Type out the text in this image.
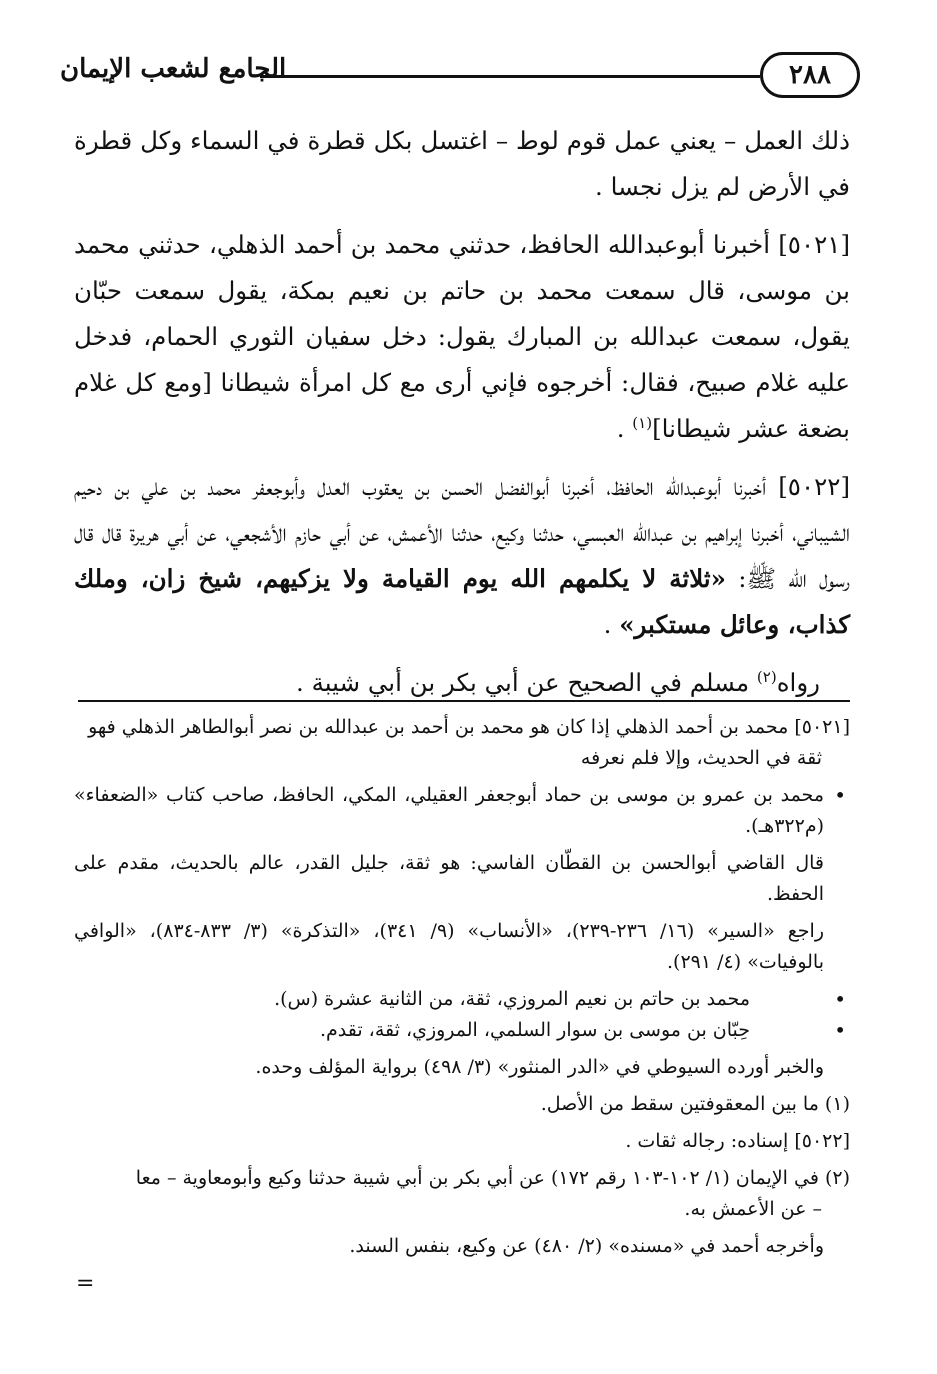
٢٨٨
الجامع لشعب الإيمان

ذلك العمل – يعني عمل قوم لوط – اغتسل بكل قطرة في السماء وكل قطرة في الأرض لم يزل نجسا .

[٥٠٢١] أخبرنا أبوعبدالله الحافظ، حدثني محمد بن أحمد الذهلي، حدثني محمد بن موسى، قال سمعت محمد بن حاتم بن نعيم بمكة، يقول سمعت حبّان يقول، سمعت عبدالله بن المبارك يقول: دخل سفيان الثوري الحمام، فدخل عليه غلام صبيح، فقال: أخرجوه فإني أرى مع كل امرأة شيطانا [ومع كل غلام بضعة عشر شيطانا]$^{(١)}$ .

[٥٠٢٢] أخبرنا أبوعبدالله الحافظ، أخبرنا أبوالفضل الحسن بن يعقوب العدل وأبوجعفر محمد بن علي بن دحيم الشيباني، أخبرنا إبراهيم بن عبدالله العبسي، حدثنا وكيع، حدثنا الأعمش، عن أبي حازم الأشجعي، عن أبي هريرة قال قال رسول الله ﷺ: «ثلاثة لا يكلمهم الله يوم القيامة ولا يزكيهم، شيخ زان، وملك كذاب، وعائل مستكبر» .

رواه$^{(٢)}$ مسلم في الصحيح عن أبي بكر بن أبي شيبة .

[٥٠٢١] محمد بن أحمد الذهلي إذا كان هو محمد بن أحمد بن عبدالله بن نصر أبوالطاهر الذهلي فهو
ثقة في الحديث، وإلا فلم نعرفه

• محمد بن عمرو بن موسى بن حماد أبوجعفر العقيلي، المكي، الحافظ، صاحب كتاب «الضعفاء» (م٣٢٢هـ).

قال القاضي أبوالحسن بن القطّان الفاسي: هو ثقة، جليل القدر، عالم بالحديث، مقدم على الحفظ.

راجع «السير» (١٦/ ٢٣٦-٢٣٩)، «الأنساب» (٩/ ٣٤١)، «التذكرة» (٣/ ٨٣٣-٨٣٤)، «الوافي بالوفيات» (٤/ ٢٩١).

• محمد بن حاتم بن نعيم المروزي، ثقة، من الثانية عشرة (س).

• حِبّان بن موسى بن سوار السلمي، المروزي، ثقة، تقدم.

والخبر أورده السيوطي في «الدر المنثور» (٣/ ٤٩٨) برواية المؤلف وحده.

(١) ما بين المعقوفتين سقط من الأصل.

[٥٠٢٢] إسناده: رجاله ثقات .

(٢) في الإيمان (١/ ١٠٢-١٠٣ رقم ١٧٢) عن أبي بكر بن أبي شيبة حدثنا وكيع وأبومعاوية – معا
– عن الأعمش به.

وأخرجه أحمد في «مسنده» (٢/ ٤٨٠) عن وكيع، بنفس السند.

=
